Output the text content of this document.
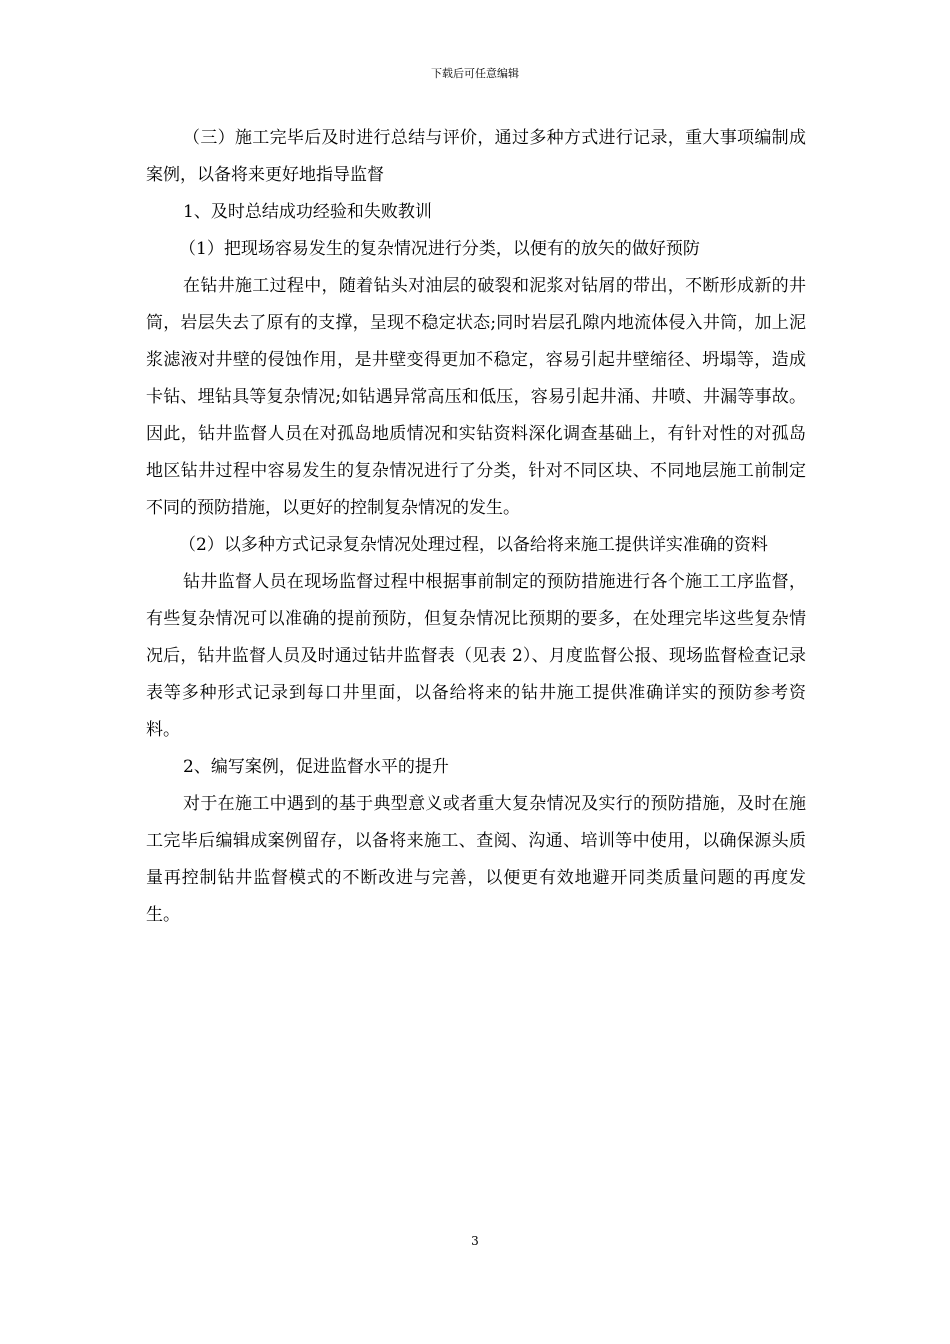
下载后可任意编辑

（三）施工完毕后及时进行总结与评价，通过多种方式进行记录，重大事项编制成案例，以备将来更好地指导监督

1、及时总结成功经验和失败教训

（1）把现场容易发生的复杂情况进行分类，以便有的放矢的做好预防

在钻井施工过程中，随着钻头对油层的破裂和泥浆对钻屑的带出，不断形成新的井筒，岩层失去了原有的支撑，呈现不稳定状态;同时岩层孔隙内地流体侵入井筒，加上泥浆滤液对井壁的侵蚀作用，是井壁变得更加不稳定，容易引起井壁缩径、坍塌等，造成卡钻、埋钻具等复杂情况;如钻遇异常高压和低压，容易引起井涌、井喷、井漏等事故。因此，钻井监督人员在对孤岛地质情况和实钻资料深化调查基础上，有针对性的对孤岛地区钻井过程中容易发生的复杂情况进行了分类，针对不同区块、不同地层施工前制定不同的预防措施，以更好的控制复杂情况的发生。

（2）以多种方式记录复杂情况处理过程，以备给将来施工提供详实准确的资料

钻井监督人员在现场监督过程中根据事前制定的预防措施进行各个施工工序监督，有些复杂情况可以准确的提前预防，但复杂情况比预期的要多，在处理完毕这些复杂情况后，钻井监督人员及时通过钻井监督表（见表 2）、月度监督公报、现场监督检查记录表等多种形式记录到每口井里面，以备给将来的钻井施工提供准确详实的预防参考资料。

2、编写案例，促进监督水平的提升

对于在施工中遇到的基于典型意义或者重大复杂情况及实行的预防措施，及时在施工完毕后编辑成案例留存，以备将来施工、查阅、沟通、培训等中使用，以确保源头质量再控制钻井监督模式的不断改进与完善，以便更有效地避开同类质量问题的再度发生。

3
